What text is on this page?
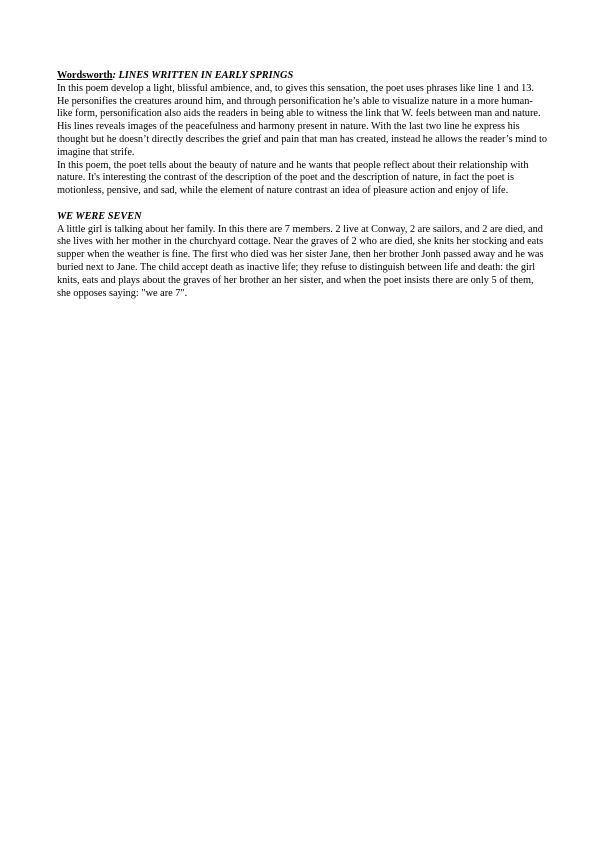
Wordsworth: LINES WRITTEN IN EARLY SPRINGS

In this poem develop a light, blissful ambience, and, to gives this sensation, the poet uses phrases like line 1 and 13. He personifies the creatures around him, and through personification he’s able to visualize nature in a more human-like form, personification also aids the readers in being able to witness the link that W. feels between man and nature. His lines reveals images of the peacefulness and harmony present in nature. With the last two line he express his thought but he doesn’t directly describes the grief and pain that man has created, instead he allows the reader’s mind to imagine that strife.

In this poem, the poet tells about the beauty of nature and he wants that people reflect about their relationship with nature. It's interesting the contrast of the description of the poet and the description of nature, in fact the poet is motionless, pensive, and sad, while the element of nature contrast an idea of pleasure action and enjoy of life.

WE WERE SEVEN

A little girl is talking about her family. In this there are 7 members. 2 live at Conway, 2 are sailors, and 2 are died, and she lives with her mother in the churchyard cottage. Near the graves of 2 who are died, she knits her stocking and eats supper when the weather is fine. The first who died was her sister Jane, then her brother Jonh passed away and he was buried next to Jane. The child accept death as inactive life; they refuse to distinguish between life and death: the girl knits, eats and plays about the graves of her brother an her sister, and when the poet insists there are only 5 of them, she opposes saying: "we are 7".
